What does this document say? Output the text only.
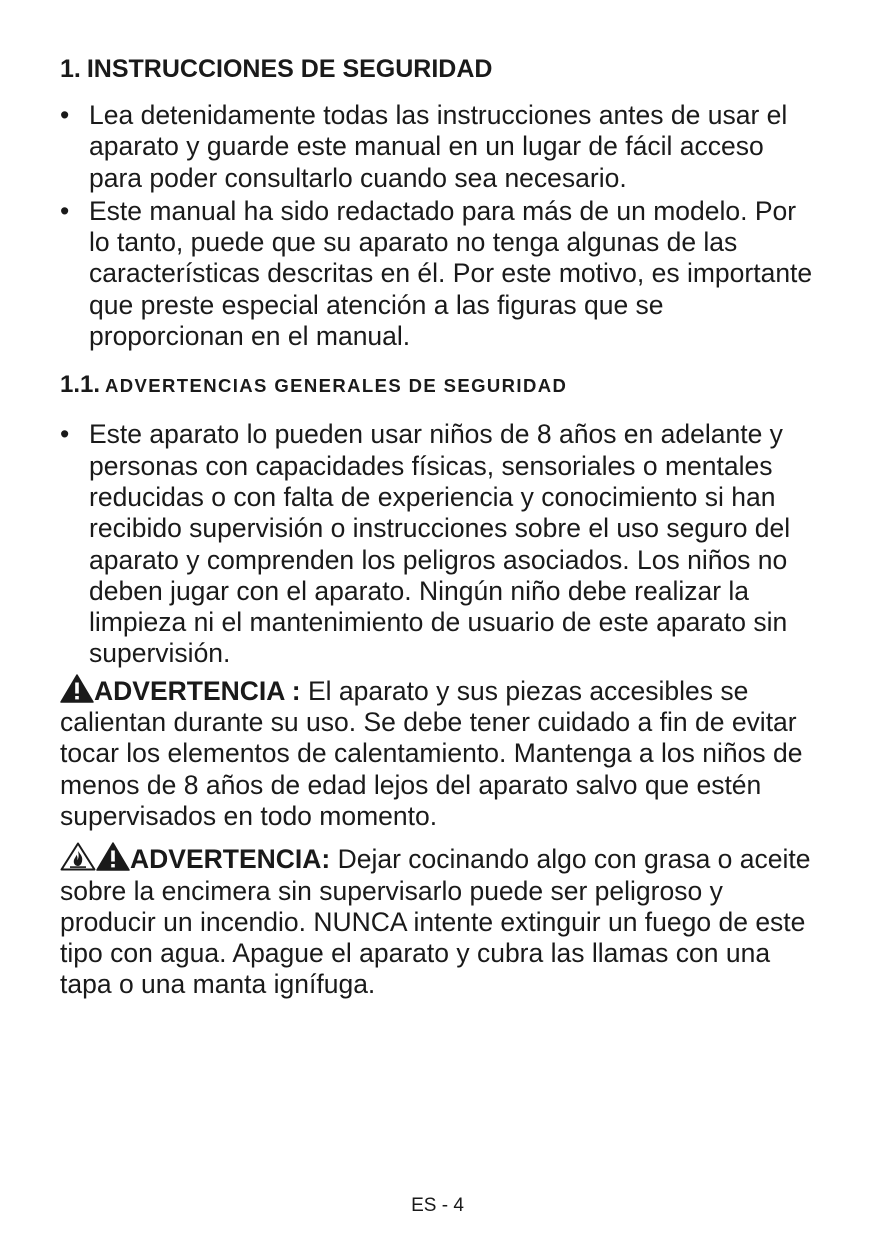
1. INSTRUCCIONES DE SEGURIDAD
• Lea detenidamente todas las instrucciones antes de usar el aparato y guarde este manual en un lugar de fácil acceso para poder consultarlo cuando sea necesario.
• Este manual ha sido redactado para más de un modelo. Por lo tanto, puede que su aparato no tenga algunas de las características descritas en él. Por este motivo, es importante que preste especial atención a las figuras que se proporcionan en el manual.
1.1. ADVERTENCIAS GENERALES DE SEGURIDAD
• Este aparato lo pueden usar niños de 8 años en adelante y personas con capacidades físicas, sensoriales o mentales reducidas o con falta de experiencia y conocimiento si han recibido supervisión o instrucciones sobre el uso seguro del aparato y comprenden los peligros asociados. Los niños no deben jugar con el aparato. Ningún niño debe realizar la limpieza ni el mantenimiento de usuario de este aparato sin supervisión.

ADVERTENCIA : El aparato y sus piezas accesibles se calientan durante su uso. Se debe tener cuidado a fin de evitar tocar los elementos de calentamiento. Mantenga a los niños de menos de 8 años de edad lejos del aparato salvo que estén supervisados en todo momento.

ADVERTENCIA: Dejar cocinando algo con grasa o aceite sobre la encimera sin supervisarlo puede ser peligroso y producir un incendio. NUNCA intente extinguir un fuego de este tipo con agua. Apague el aparato y cubra las llamas con una tapa o una manta ignífuga.

ES - 4
